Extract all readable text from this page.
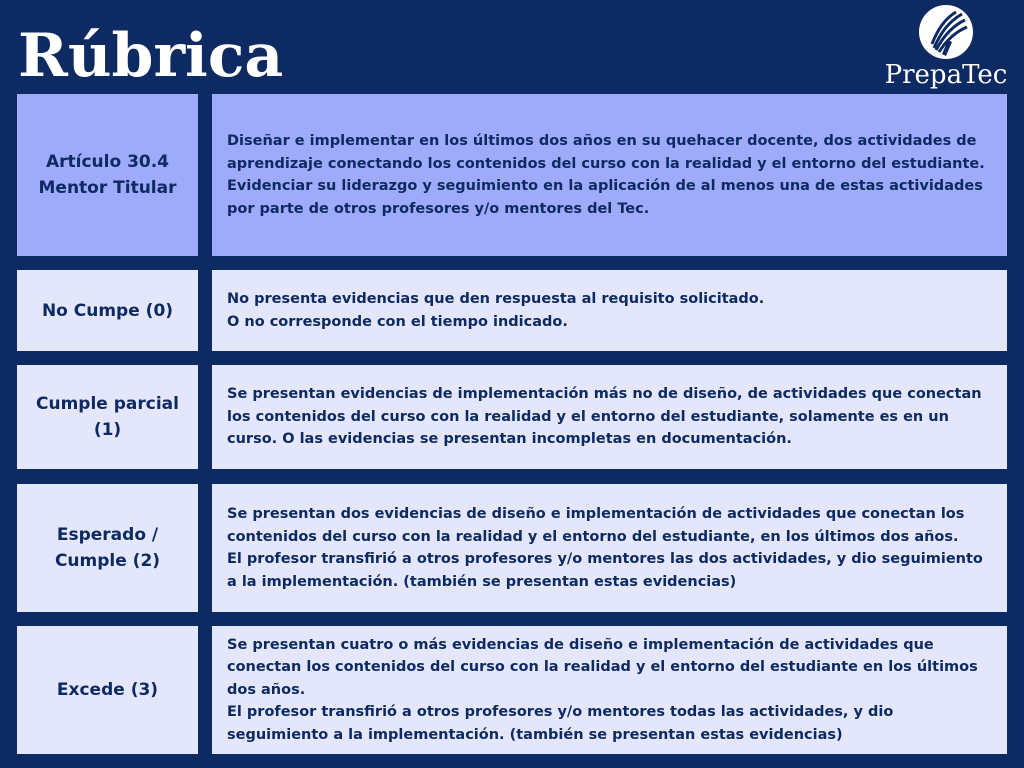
Rúbrica	PrepaTec
Artículo 30.4
Mentor Titular
Diseñar e implementar en los últimos dos años en su quehacer docente, dos actividades de aprendizaje conectando los contenidos del curso con la realidad y el entorno del estudiante. Evidenciar su liderazgo y seguimiento en la aplicación de al menos una de estas actividades por parte de otros profesores y/o mentores del Tec.
No Cumpe (0)
No presenta evidencias que den respuesta al requisito solicitado.
O no corresponde con el tiempo indicado.
Cumple parcial (1)
Se presentan evidencias de implementación más no de diseño, de actividades que conectan los contenidos del curso con la realidad y el entorno del estudiante, solamente es en un curso. O las evidencias se presentan incompletas en documentación.
Esperado /
Cumple (2)
Se presentan dos evidencias de diseño e implementación de actividades que conectan los contenidos del curso con la realidad y el entorno del estudiante, en los últimos dos años.
El profesor transfirió a otros profesores y/o mentores las dos actividades, y dio seguimiento a la implementación. (también se presentan estas evidencias)
Excede (3)
Se presentan cuatro o más evidencias de diseño e implementación de actividades que conectan los contenidos del curso con la realidad y el entorno del estudiante en los últimos dos años.
El profesor transfirió a otros profesores y/o mentores todas las actividades, y dio seguimiento a la implementación. (también se presentan estas evidencias)
